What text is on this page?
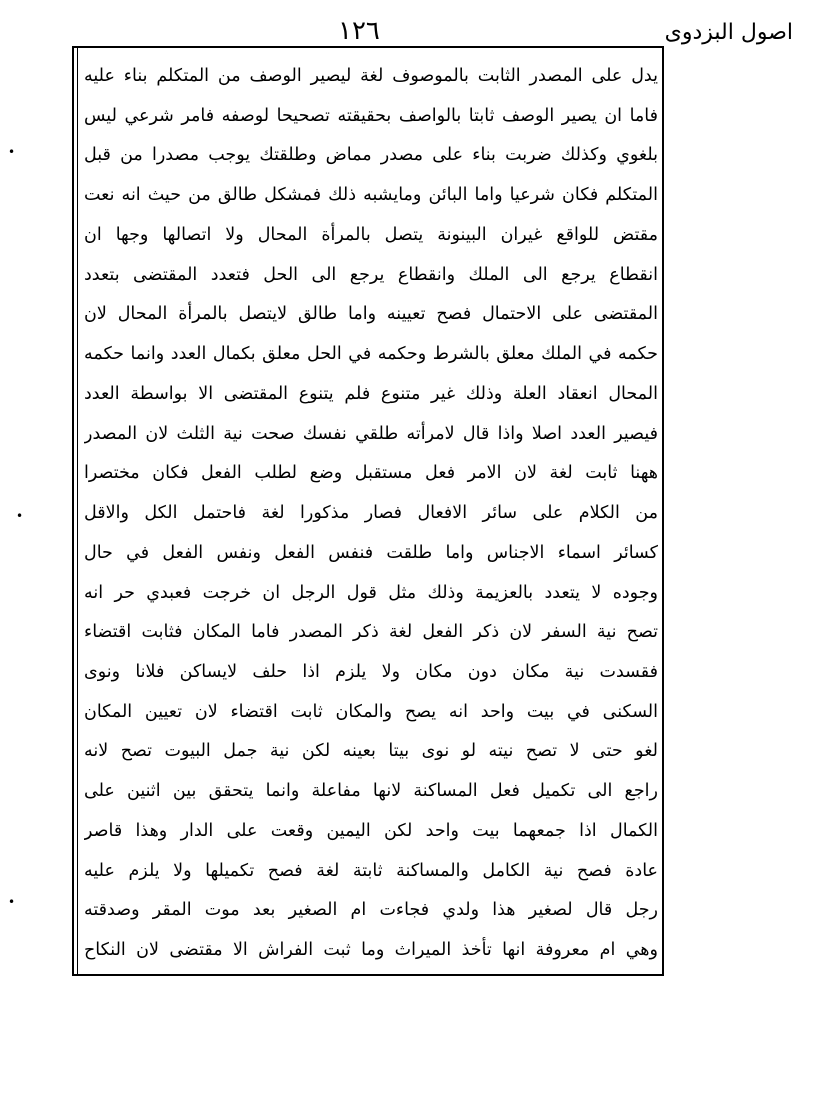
اصول البزدوی
١٢٦
•
•
•
يدل على المصدر الثابت بالموصوف لغة ليصير الوصف من المتكلم بناء عليه
فاما ان يصير الوصف ثابتا بالواصف بحقيقته تصحيحا لوصفه فامر شرعي ليس
بلغوي وكذلك ضربت بناء على مصدر مماض وطلقتك يوجب مصدرا من قبل
المتكلم فكان شرعيا واما البائن ومايشبه ذلك فمشكل طالق من حيث انه نعت
مقتض للواقع غيران البينونة يتصل بالمرأة المحال ولا اتصالها وجها ان
انقطاع يرجع الى الملك وانقطاع يرجع الى الحل فتعدد المقتضى بتعدد
المقتضى على الاحتمال فصح تعيينه واما طالق لايتصل بالمرأة المحال لان
حكمه في الملك معلق بالشرط وحكمه في الحل معلق بكمال العدد وانما حكمه
المحال انعقاد العلة وذلك غير متنوع فلم يتنوع المقتضى الا بواسطة العدد
فيصير العدد اصلا واذا قال لامرأته طلقي نفسك صحت نية الثلث لان المصدر
ههنا ثابت لغة لان الامر فعل مستقبل وضع لطلب الفعل فكان مختصرا
من الكلام على سائر الافعال فصار مذكورا لغة فاحتمل الكل والاقل
كسائر اسماء الاجناس واما طلقت فنفس الفعل ونفس الفعل في حال
وجوده لا يتعدد بالعزيمة وذلك مثل قول الرجل ان خرجت فعبدي حر انه
تصح نية السفر لان ذكر الفعل لغة ذكر المصدر فاما المكان فثابت اقتضاء
فقسدت نية مكان دون مكان ولا يلزم اذا حلف لايساكن فلانا ونوى
السكنى في بيت واحد انه يصح والمكان ثابت اقتضاء لان تعيين المكان
لغو حتى لا تصح نيته لو نوى بيتا بعينه لكن نية جمل البيوت تصح لانه
راجع الى تكميل فعل المساكنة لانها مفاعلة وانما يتحقق بين اثنين على
الكمال اذا جمعهما بيت واحد لكن اليمين وقعت على الدار وهذا قاصر
عادة فصح نية الكامل والمساكنة ثابتة لغة فصح تكميلها ولا يلزم عليه
رجل قال لصغير هذا ولدي فجاءت ام الصغير بعد موت المقر وصدقته
وهي ام معروفة انها تأخذ الميراث وما ثبت الفراش الا مقتضى لان النكاح
